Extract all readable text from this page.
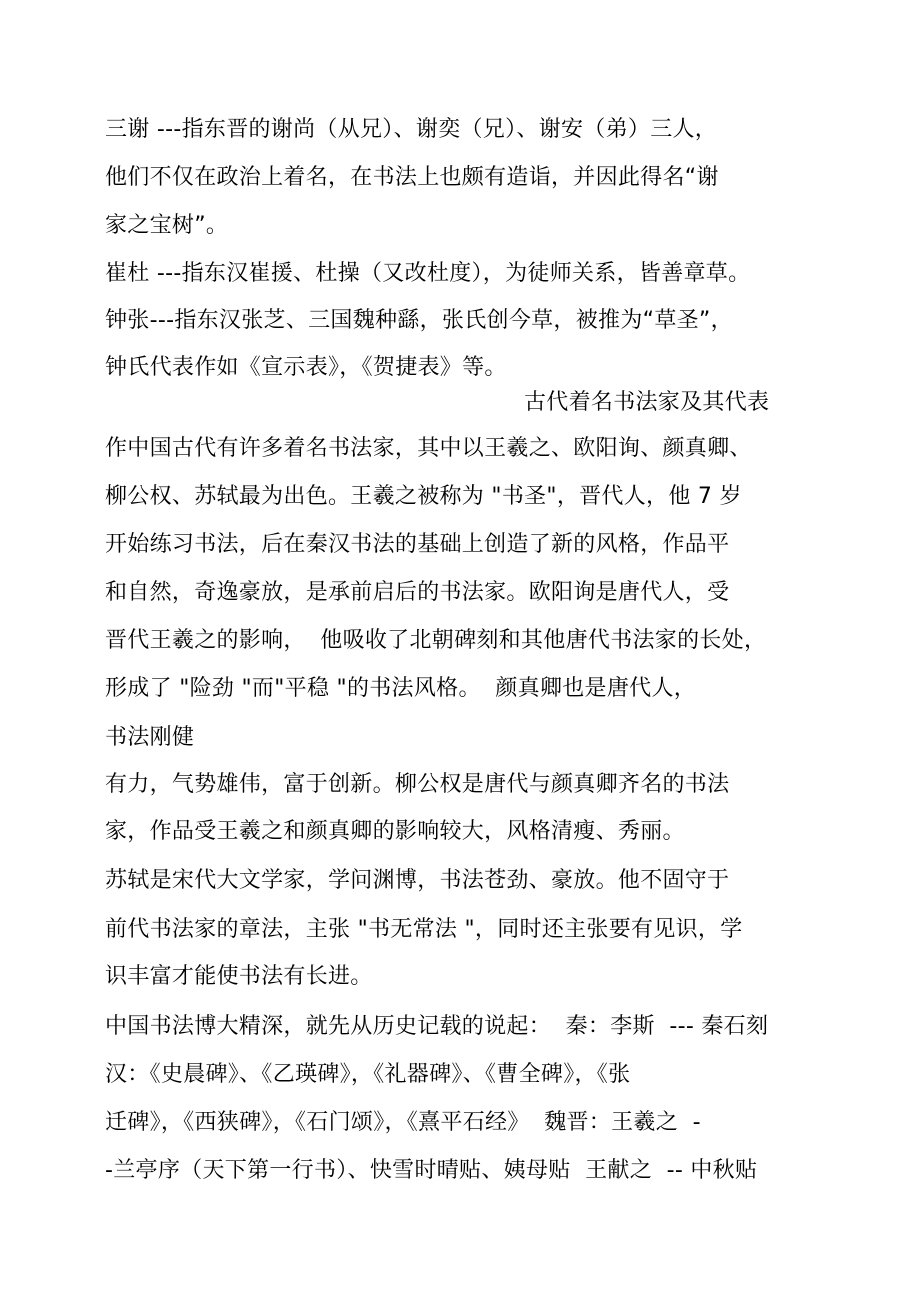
三谢 ---指东晋的谢尚（从兄）、谢奕（兄）、谢安（弟）三人，
他们不仅在政治上着名，在书法上也颇有造诣，并因此得名“谢
家之宝树”。
崔杜 ---指东汉崔援、杜操（又改杜度），为徒师关系，皆善章草。
钟张---指东汉张芝、三国魏种繇，张氏创今草，被推为“草圣”，
钟氏代表作如《宣示表》，《贺捷表》等。
古代着名书法家及其代表
作中国古代有许多着名书法家，其中以王羲之、欧阳询、颜真卿、
柳公权、苏轼最为出色。王羲之被称为 "书圣"，晋代人，他 7 岁
开始练习书法，后在秦汉书法的基础上创造了新的风格，作品平
和自然，奇逸豪放，是承前启后的书法家。欧阳询是唐代人，受
晋代王羲之的影响，  他吸收了北朝碑刻和其他唐代书法家的长处，
形成了 "险劲 "而"平稳 "的书法风格。  颜真卿也是唐代人，
书法刚健
有力，气势雄伟，富于创新。柳公权是唐代与颜真卿齐名的书法
家，作品受王羲之和颜真卿的影响较大，风格清瘦、秀丽。
苏轼是宋代大文学家，学问渊博，书法苍劲、豪放。他不固守于
前代书法家的章法，主张 "书无常法 "，同时还主张要有见识，学
识丰富才能使书法有长进。
中国书法博大精深，就先从历史记载的说起：  秦：李斯  --- 秦石刻
汉：《史晨碑》、《乙瑛碑》，《礼器碑》、《曹全碑》，《张
迁碑》，《西狭碑》，《石门颂》，《熹平石经》  魏晋：王羲之  -
-兰亭序（天下第一行书）、快雪时晴贴、姨母贴  王献之  -- 中秋贴
